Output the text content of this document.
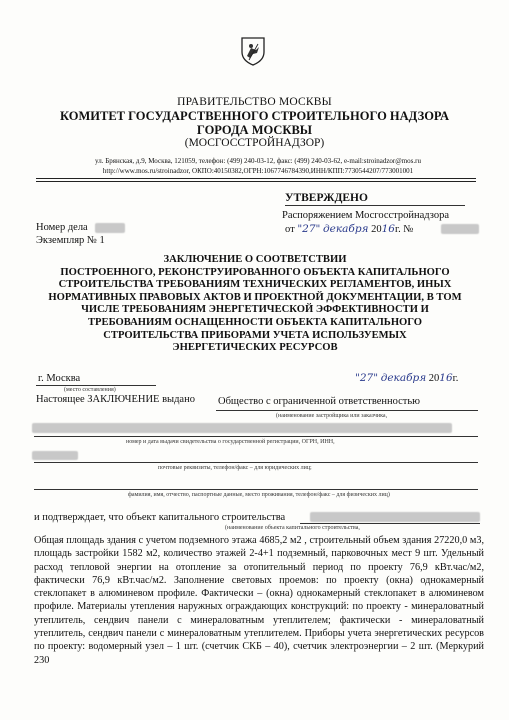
ПРАВИТЕЛЬСТВО МОСКВЫ
КОМИТЕТ ГОСУДАРСТВЕННОГО СТРОИТЕЛЬНОГО НАДЗОРА
ГОРОДА МОСКВЫ
(МОСГОССТРОЙНАДЗОР)
ул. Брянская, д.9, Москва, 121059, телефон: (499) 240-03-12, факс: (499) 240-03-62, e-mail:stroinadzor@mos.ru
http://www.mos.ru/stroinadzor, ОКПО:40150382,ОГРН:1067746784390,ИНН/КПП:7730544207/773001001
УТВЕРЖДЕНО
Распоряжением Мосгосстройнадзора
от "27" декабря 2016г. №
Номер дела
Экземпляр № 1
ЗАКЛЮЧЕНИЕ О СООТВЕТСТВИИ
ПОСТРОЕННОГО, РЕКОНСТРУИРОВАННОГО ОБЪЕКТА КАПИТАЛЬНОГО
СТРОИТЕЛЬСТВА ТРЕБОВАНИЯМ ТЕХНИЧЕСКИХ РЕГЛАМЕНТОВ, ИНЫХ
НОРМАТИВНЫХ ПРАВОВЫХ АКТОВ И ПРОЕКТНОЙ ДОКУМЕНТАЦИИ, В ТОМ
ЧИСЛЕ ТРЕБОВАНИЯМ ЭНЕРГЕТИЧЕСКОЙ ЭФФЕКТИВНОСТИ И
ТРЕБОВАНИЯМ ОСНАЩЕННОСТИ ОБЪЕКТА КАПИТАЛЬНОГО
СТРОИТЕЛЬСТВА ПРИБОРАМИ УЧЕТА ИСПОЛЬЗУЕМЫХ
ЭНЕРГЕТИЧЕСКИХ РЕСУРСОВ
г. Москва
(место составления)
"27" декабря 2016г.
Настоящее ЗАКЛЮЧЕНИЕ выдано Общество с ограниченной ответственностью
(наименование застройщика или заказчика,
номер и дата выдачи свидетельства о государственной регистрации, ОГРН, ИНН,
почтовые реквизиты, телефон/факс – для юридических лиц;
фамилия, имя, отчество, паспортные данные, место проживания, телефон/факс – для физических лиц)
и подтверждает, что объект капитального строительства
(наименование объекта капитального строительства,
Общая площадь здания с учетом подземного этажа 4685,2 м2 , строительный объем здания 27220,0 м3, площадь застройки 1582 м2, количество этажей 2-4+1 подземный, парковочных мест 9 шт. Удельный расход тепловой энергии на отопление за отопительный период по проекту 76,9 кВт.час/м2, фактически 76,9 кВт.час/м2. Заполнение световых проемов: по проекту (окна) однокамерный стеклопакет в алюминевом профиле. Фактически – (окна) однокамерный стеклопакет в алюминевом профиле. Материалы утепления наружных ограждающих конструкций: по проекту - минераловатный утеплитель, сендвич панели с минераловатным утеплителем; фактически - минераловатный утеплитель, сендвич панели с минераловатным утеплителем. Приборы учета энергетических ресурсов по проекту: водомерный узел – 1 шт. (счетчик СКБ – 40), счетчик электроэнергии – 2 шт. (Меркурий 230
